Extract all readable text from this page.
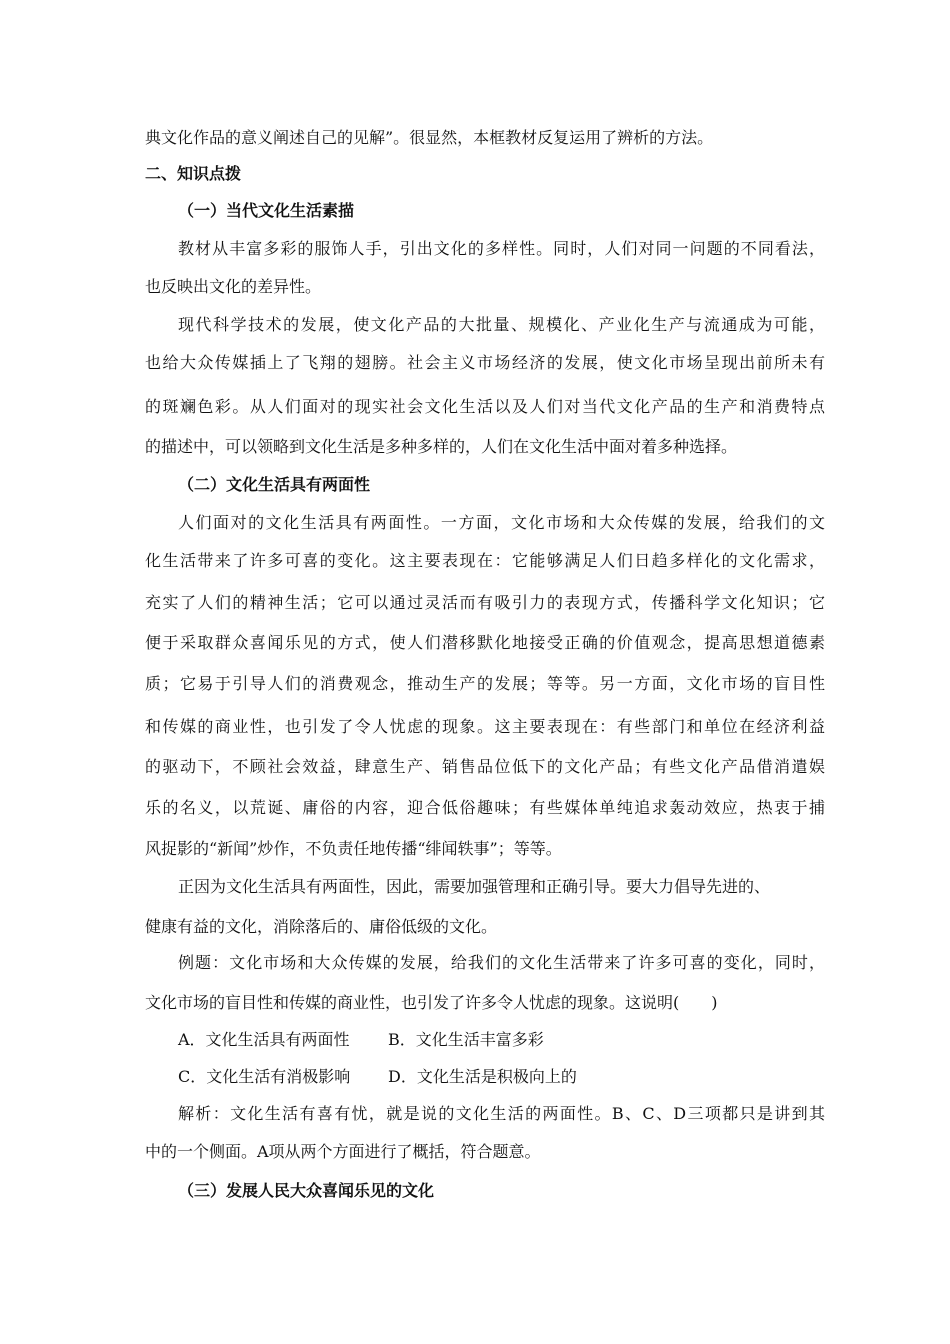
典文化作品的意义阐述自己的见解”。很显然，本框教材反复运用了辨析的方法。
二、知识点拨
（一）当代文化生活素描
教材从丰富多彩的服饰人手，引出文化的多样性。同时，人们对同一问题的不同看法，
也反映出文化的差异性。
现代科学技术的发展，使文化产品的大批量、规模化、产业化生产与流通成为可能，
也给大众传媒插上了飞翔的翅膀。社会主义市场经济的发展，使文化市场呈现出前所未有
的斑斓色彩。从人们面对的现实社会文化生活以及人们对当代文化产品的生产和消费特点
的描述中，可以领略到文化生活是多种多样的，人们在文化生活中面对着多种选择。
（二）文化生活具有两面性
人们面对的文化生活具有两面性。一方面，文化市场和大众传媒的发展，给我们的文
化生活带来了许多可喜的变化。这主要表现在：它能够满足人们日趋多样化的文化需求，
充实了人们的精神生活；它可以通过灵活而有吸引力的表现方式，传播科学文化知识；它
便于采取群众喜闻乐见的方式，使人们潜移默化地接受正确的价值观念，提高思想道德素
质；它易于引导人们的消费观念，推动生产的发展；等等。另一方面，文化市场的盲目性
和传媒的商业性，也引发了令人忧虑的现象。这主要表现在：有些部门和单位在经济利益
的驱动下，不顾社会效益，肆意生产、销售品位低下的文化产品；有些文化产品借消遣娱
乐的名义，以荒诞、庸俗的内容，迎合低俗趣味；有些媒体单纯追求轰动效应，热衷于捕
风捉影的“新闻”炒作，不负责任地传播“绯闻轶事”；等等。
正因为文化生活具有两面性，因此，需要加强管理和正确引导。要大力倡导先进的、
健康有益的文化，消除落后的、庸俗低级的文化。
例题：文化市场和大众传媒的发展，给我们的文化生活带来了许多可喜的变化，同时，
文化市场的盲目性和传媒的商业性，也引发了许多令人忧虑的现象。这说明(　　)
A．文化生活具有两面性 B．文化生活丰富多彩
C．文化生活有消极影响 D．文化生活是积极向上的
解析：文化生活有喜有忧，就是说的文化生活的两面性。B、C、D三项都只是讲到其
中的一个侧面。A项从两个方面进行了概括，符合题意。
（三）发展人民大众喜闻乐见的文化
